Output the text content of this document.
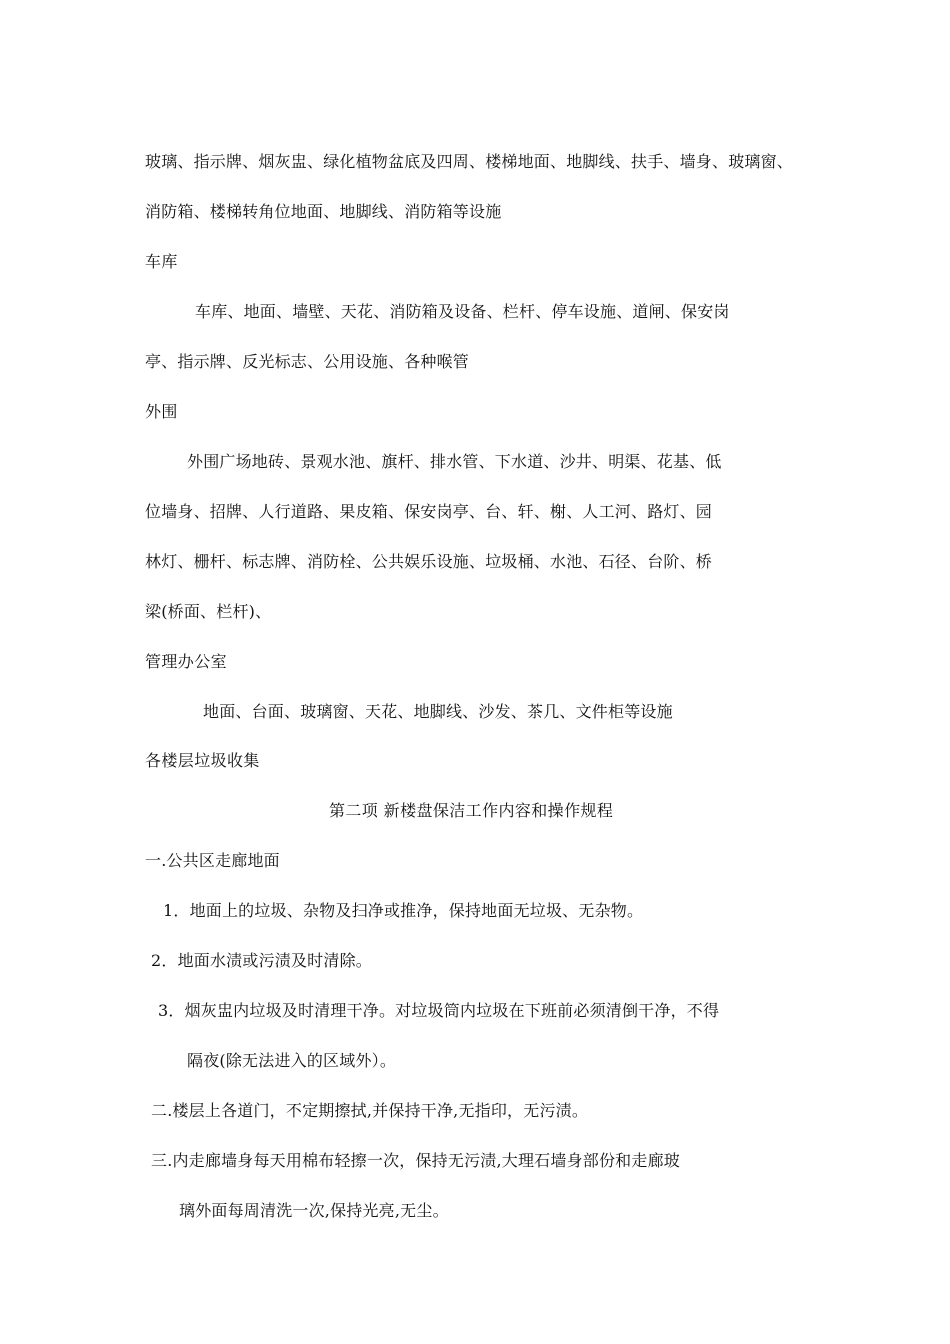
玻璃、指示牌、烟灰盅、绿化植物盆底及四周、楼梯地面、地脚线、扶手、墙身、玻璃窗、
消防箱、楼梯转角位地面、地脚线、消防箱等设施
车库
车库、地面、墙壁、天花、消防箱及设备、栏杆、停车设施、道闸、保安岗
亭、指示牌、反光标志、公用设施、各种喉管
外围
外围广场地砖、景观水池、旗杆、排水管、下水道、沙井、明渠、花基、低
位墙身、招牌、人行道路、果皮箱、保安岗亭、台、轩、榭、人工河、路灯、园
林灯、栅杆、标志牌、消防栓、公共娱乐设施、垃圾桶、水池、石径、台阶、桥
梁(桥面、栏杆)、
管理办公室
地面、台面、玻璃窗、天花、地脚线、沙发、茶几、文件柜等设施
各楼层垃圾收集
第二项 新楼盘保洁工作内容和操作规程
一.公共区走廊地面
1．地面上的垃圾、杂物及扫净或推净，保持地面无垃圾、无杂物。
2．地面水渍或污渍及时清除。
3．烟灰盅内垃圾及时清理干净。对垃圾筒内垃圾在下班前必须清倒干净，不得
隔夜(除无法进入的区域外）。
二.楼层上各道门，不定期擦拭,并保持干净,无指印，无污渍。
三.内走廊墙身每天用棉布轻擦一次，保持无污渍,大理石墙身部份和走廊玻
璃外面每周清洗一次,保持光亮,无尘。
